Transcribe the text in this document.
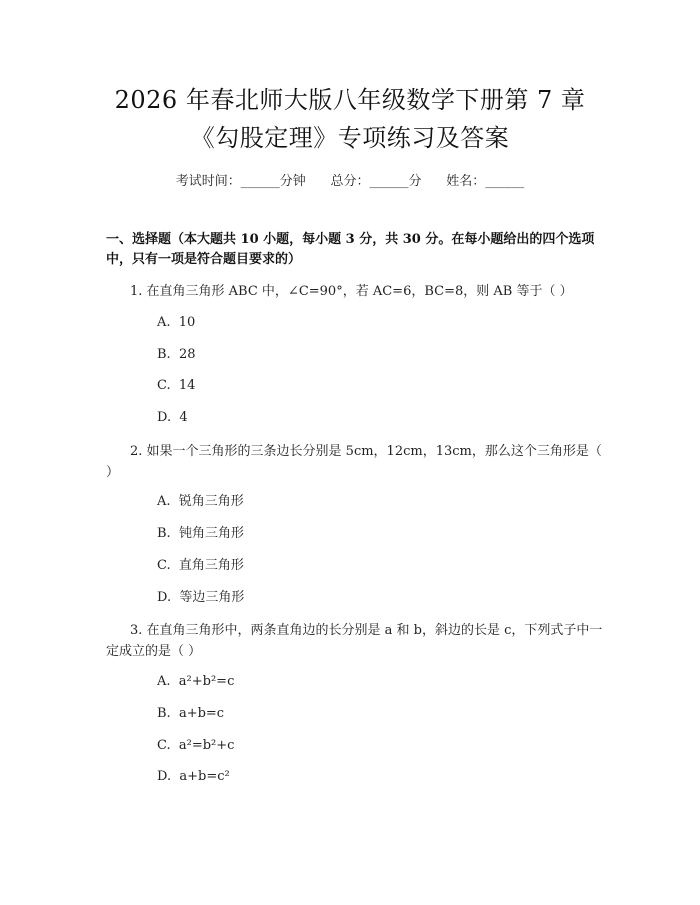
2026 年春北师大版八年级数学下册第 7 章
《勾股定理》专项练习及答案
考试时间：______分钟      总分：______分      姓名：______
一、选择题（本大题共 10 小题，每小题 3 分，共 30 分。在每小题给出的四个选项中，只有一项是符合题目要求的）
1. 在直角三角形 ABC 中，∠C=90°，若 AC=6，BC=8，则 AB 等于（ ）
A.  10
B.  28
C.  14
D.  4
2. 如果一个三角形的三条边长分别是 5cm，12cm，13cm，那么这个三角形是（ ）
A.  锐角三角形
B.  钝角三角形
C.  直角三角形
D.  等边三角形
3. 在直角三角形中，两条直角边的长分别是 a 和 b，斜边的长是 c，下列式子中一定成立的是（ ）
A.  a²+b²=c
B.  a+b=c
C.  a²=b²+c
D.  a+b=c²
